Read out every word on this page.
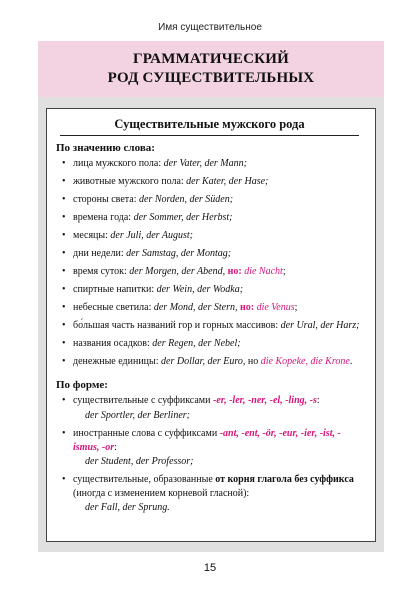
Имя существительное
ГРАММАТИЧЕСКИЙ
РОД СУЩЕСТВИТЕЛЬНЫХ
Существительные мужского рода
По значению слова:
• лица мужского пола: der Vater, der Mann;
• животные мужского пола: der Kater, der Hase;
• стороны света: der Norden, der Süden;
• времена года: der Sommer, der Herbst;
• месяцы: der Juli, der August;
• дни недели: der Samstag, der Montag;
• время суток: der Morgen, der Abend, но: die Nacht;
• спиртные напитки: der Wein, der Wodka;
• небесные светила: der Mond, der Stern, но: die Venus;
• бо́льшая часть названий гор и горных массивов: der Ural, der Harz;
• названия осадков: der Regen, der Nebel;
• денежные единицы: der Dollar, der Euro, но die Kopeke, die Krone.
По форме:
• существительные с суффиксами -er, -ler, -ner, -el, -ling, -s:
der Sportler, der Berliner;
• иностранные слова с суффиксами -ant, -ent, -ör, -eur, -ier, -ist, -ismus, -or:
der Student, der Professor;
• существительные, образованные от корня глагола без суффикса (иногда с изменением корневой гласной):
der Fall, der Sprung.
15
